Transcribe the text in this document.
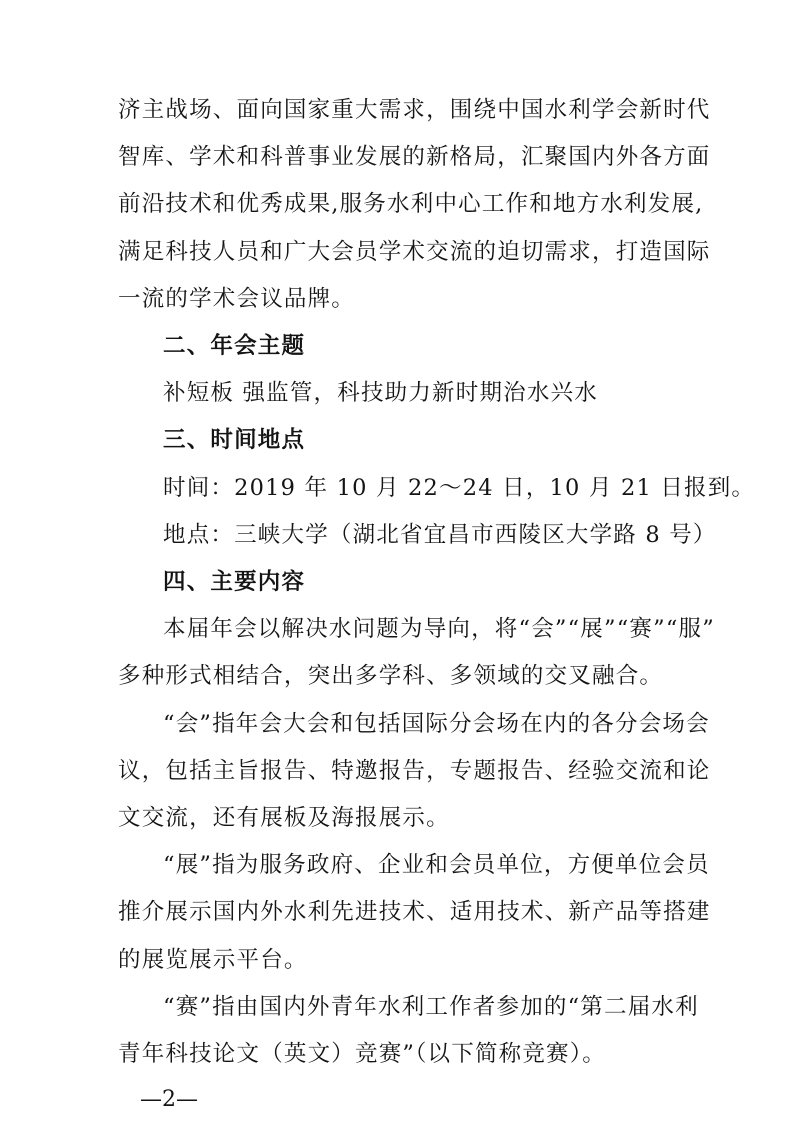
济主战场、面向国家重大需求，围绕中国水利学会新时代
智库、学术和科普事业发展的新格局，汇聚国内外各方面
前沿技术和优秀成果,服务水利中心工作和地方水利发展,
满足科技人员和广大会员学术交流的迫切需求，打造国际
一流的学术会议品牌。
二、年会主题
补短板 强监管，科技助力新时期治水兴水
三、时间地点
时间：2019 年 10 月 22～24 日，10 月 21 日报到。
地点：三峡大学（湖北省宜昌市西陵区大学路 8 号）
四、主要内容
本届年会以解决水问题为导向，将“会”“展”“赛”“服”
多种形式相结合，突出多学科、多领域的交叉融合。
“会”指年会大会和包括国际分会场在内的各分会场会
议，包括主旨报告、特邀报告，专题报告、经验交流和论
文交流，还有展板及海报展示。
“展”指为服务政府、企业和会员单位，方便单位会员
推介展示国内外水利先进技术、适用技术、新产品等搭建
的展览展示平台。
“赛”指由国内外青年水利工作者参加的“第二届水利
青年科技论文（英文）竞赛”（以下简称竞赛）。
—2—
